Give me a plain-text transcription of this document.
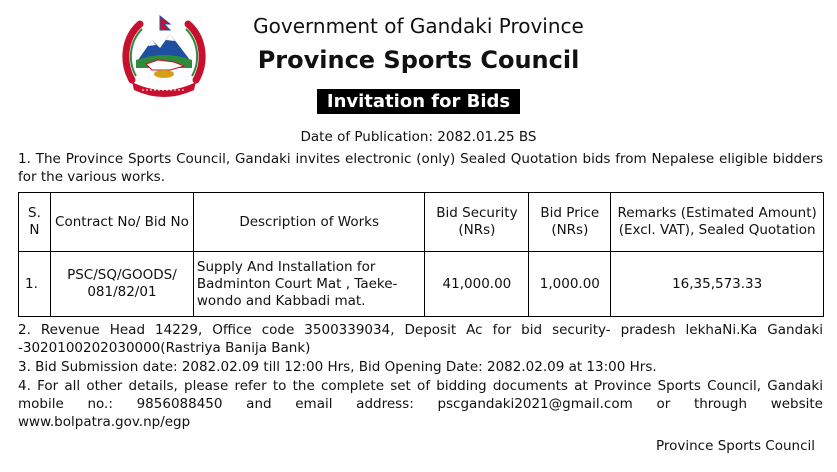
Government of Gandaki Province
Province Sports Council
Invitation for Bids
Date of Publication: 2082.01.25 BS
1. The Province Sports Council, Gandaki invites electronic (only) Sealed Quotation bids from Nepalese eligible bidders for the various works.
S. N	Contract No/ Bid No	Description of Works	Bid Security (NRs)	Bid Price (NRs)	Remarks (Estimated Amount) (Excl. VAT), Sealed Quotation
1.	PSC/SQ/GOODS/ 081/82/01	Supply And Installation for Badminton Court Mat , Taeke-wondo and Kabbadi mat.	41,000.00	1,000.00	16,35,573.33
2. Revenue Head 14229, Office code 3500339034, Deposit Ac for bid security- pradesh lekhaNi.Ka Gandaki -3020100202030000(Rastriya Banija Bank)
3. Bid Submission date: 2082.02.09 till 12:00 Hrs, Bid Opening Date: 2082.02.09 at 13:00 Hrs.
4. For all other details, please refer to the complete set of bidding documents at Province Sports Council, Gandaki mobile no.: 9856088450 and email address: pscgandaki2021@gmail.com or through website www.bolpatra.gov.np/egp
Province Sports Council
